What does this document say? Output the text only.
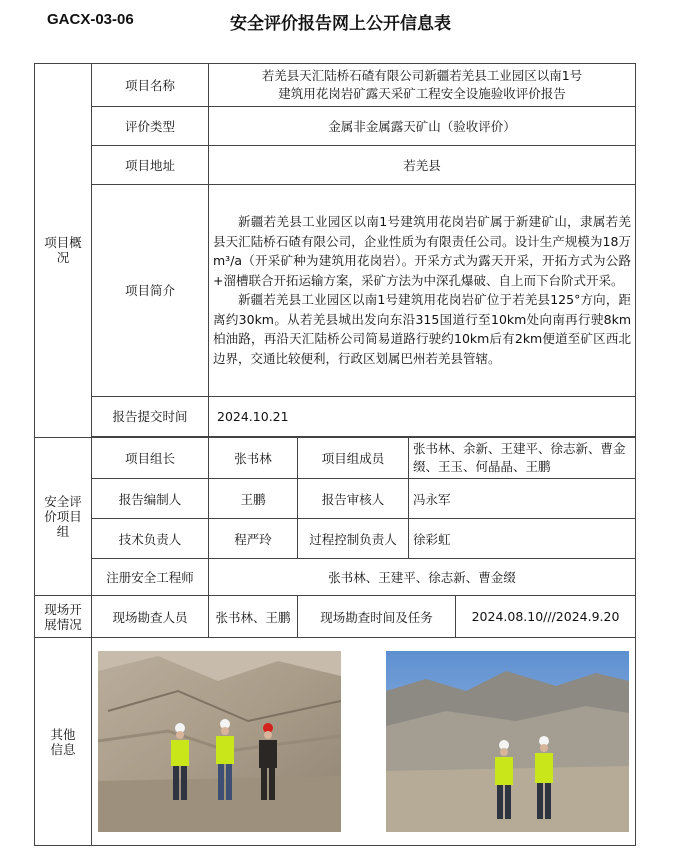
GACX-03-06	安全评价报告网上公开信息表
项目概况	项目名称	若羌县天汇陆桥石碴有限公司新疆若羌县工业园区以南1号
建筑用花岗岩矿露天采矿工程安全设施验收评价报告			

	评价类型	金属非金属露天矿山（验收评价）			
	项目地址	若羌县			
	项目简介	新疆若羌县工业园区以南1号建筑用花岗岩矿属于新建矿山，隶属若羌县天汇陆桥石碴有限公司，企业性质为有限责任公司。设计生产规模为18万m³/a（开采矿种为建筑用花岗岩）。开采方式为露天开采，开拓方式为公路+溜槽联合开拓运输方案，采矿方法为中深孔爆破、自上而下台阶式开采。

新疆若羌县工业园区以南1号建筑用花岗岩矿位于若羌县125°方向，距离约30km。从若羌县城出发向东沿315国道行至10km处向南再行驶8km柏油路，再沿天汇陆桥公司简易道路行驶约10km后有2km便道至矿区西北边界，交通比较便利，行政区划属巴州若羌县管辖。			

	报告提交时间	2024.10.21			

安全评价项目组	项目组长	张书林	项目组成员	张书林、余新、王建平、徐志新、曹金缀、王玉、何晶晶、王鹏	
	报告编制人	王鹏	报告审核人	冯永军	
	技术负责人	程严玲	过程控制负责人	徐彩虹	
	注册安全工程师	张书林、王建平、徐志新、曹金缀			

现场开展情况	现场勘查人员	张书林、王鹏	现场勘查时间及任务		2024.08.10///2024.9.20

其他信息
